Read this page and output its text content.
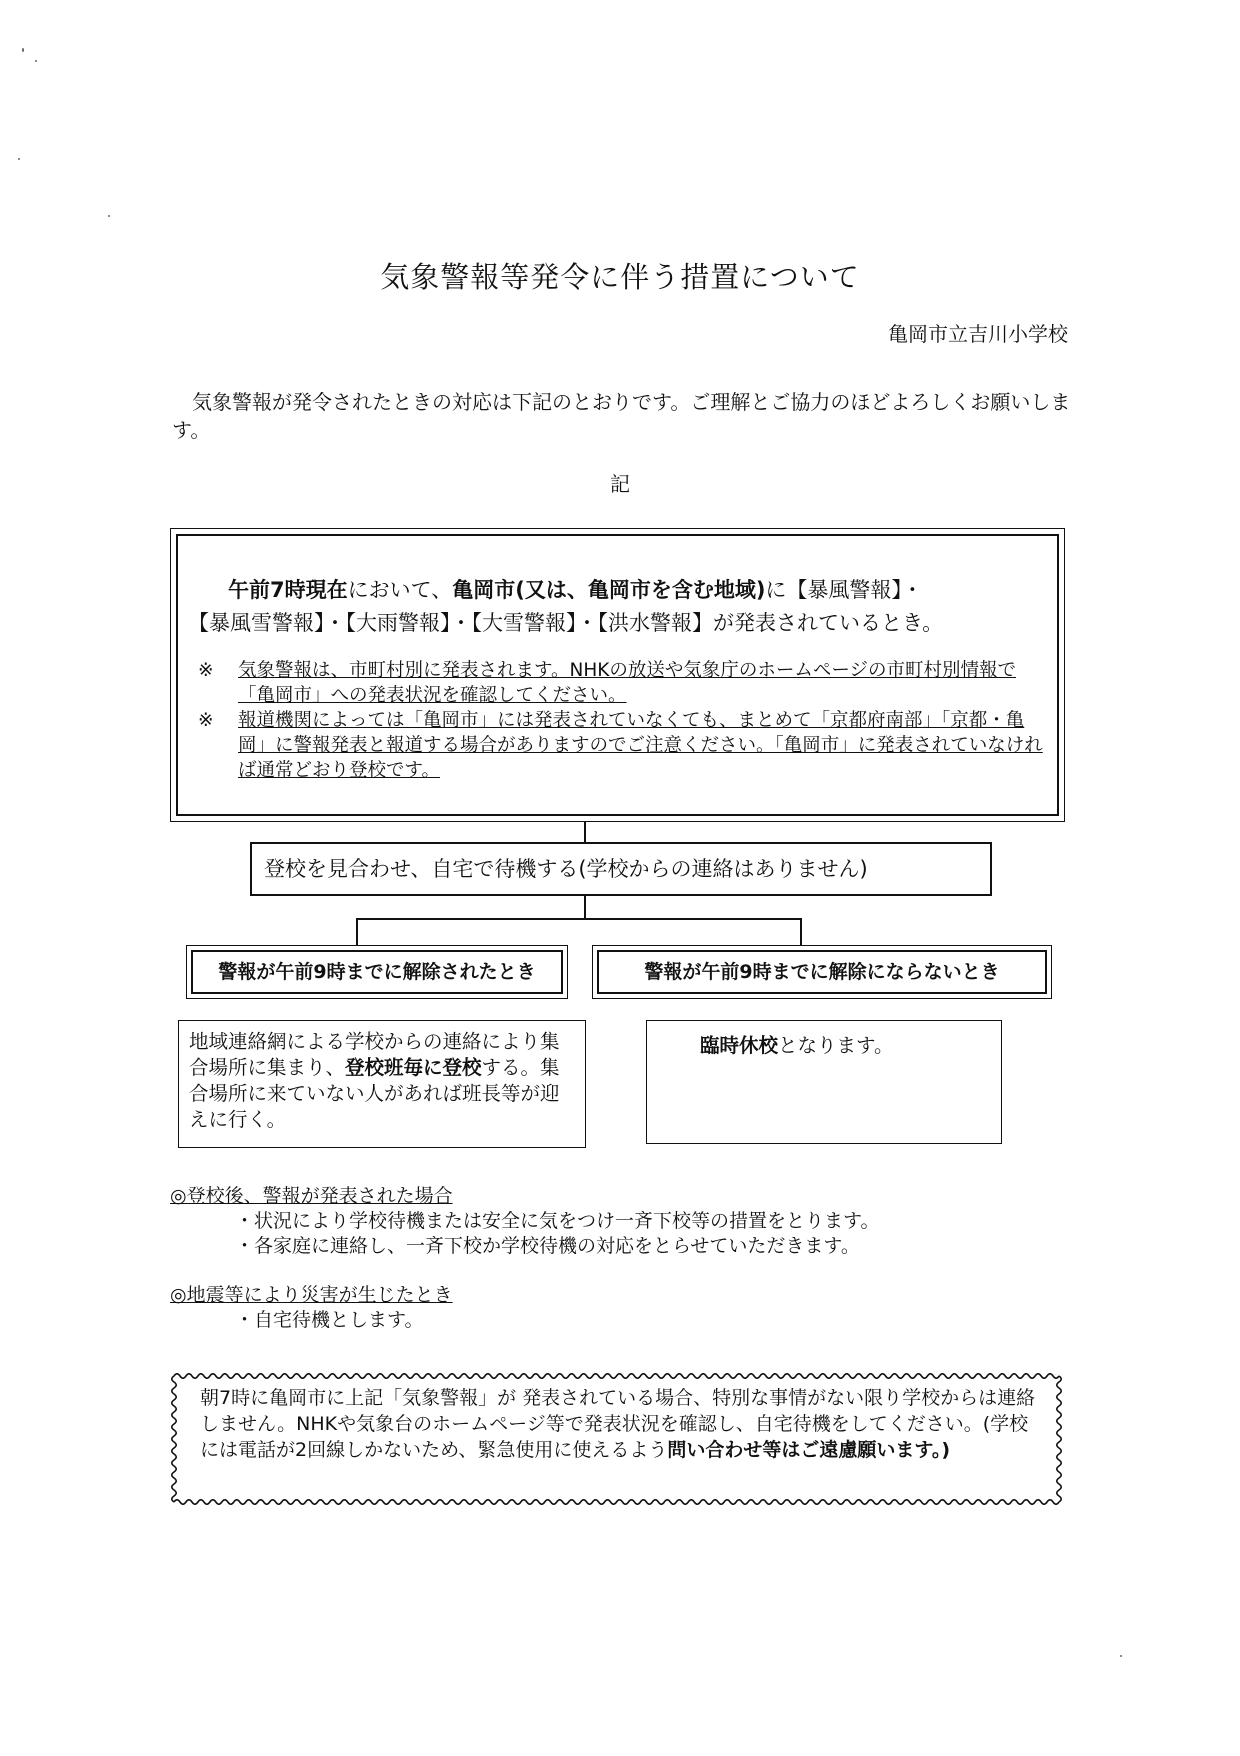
気象警報等発令に伴う措置について
亀岡市立吉川小学校
気象警報が発令されたときの対応は下記のとおりです。ご理解とご協力のほどよろしくお願いします。
記
午前7時現在において、亀岡市(又は、亀岡市を含む地域)に【暴風警報】・
【暴風雪警報】・【大雨警報】・【大雪警報】・【洪水警報】が発表されているとき。
※	気象警報は、市町村別に発表されます。NHKの放送や気象庁のホームページの市町村別情報で「亀岡市」への発表状況を確認してください。
※	報道機関によっては「亀岡市」には発表されていなくても、まとめて「京都府南部」「京都・亀岡」に警報発表と報道する場合がありますのでご注意ください。「亀岡市」に発表されていなければ通常どおり登校です。
登校を見合わせ、自宅で待機する(学校からの連絡はありません)
警報が午前9時までに解除されたとき	警報が午前9時までに解除にならないとき
地域連絡網による学校からの連絡により集合場所に集まり、登校班毎に登校する。集合場所に来ていない人があれば班長等が迎えに行く。
臨時休校となります。
◎登校後、警報が発表された場合
・状況により学校待機または安全に気をつけ一斉下校等の措置をとります。
・各家庭に連絡し、一斉下校か学校待機の対応をとらせていただきます。
◎地震等により災害が生じたとき
・自宅待機とします。
朝7時に亀岡市に上記「気象警報」が 発表されている場合、特別な事情がない限り学校からは連絡しません。NHKや気象台のホームページ等で発表状況を確認し、自宅待機をしてください。(学校には電話が2回線しかないため、緊急使用に使えるよう問い合わせ等はご遠慮願います。)
